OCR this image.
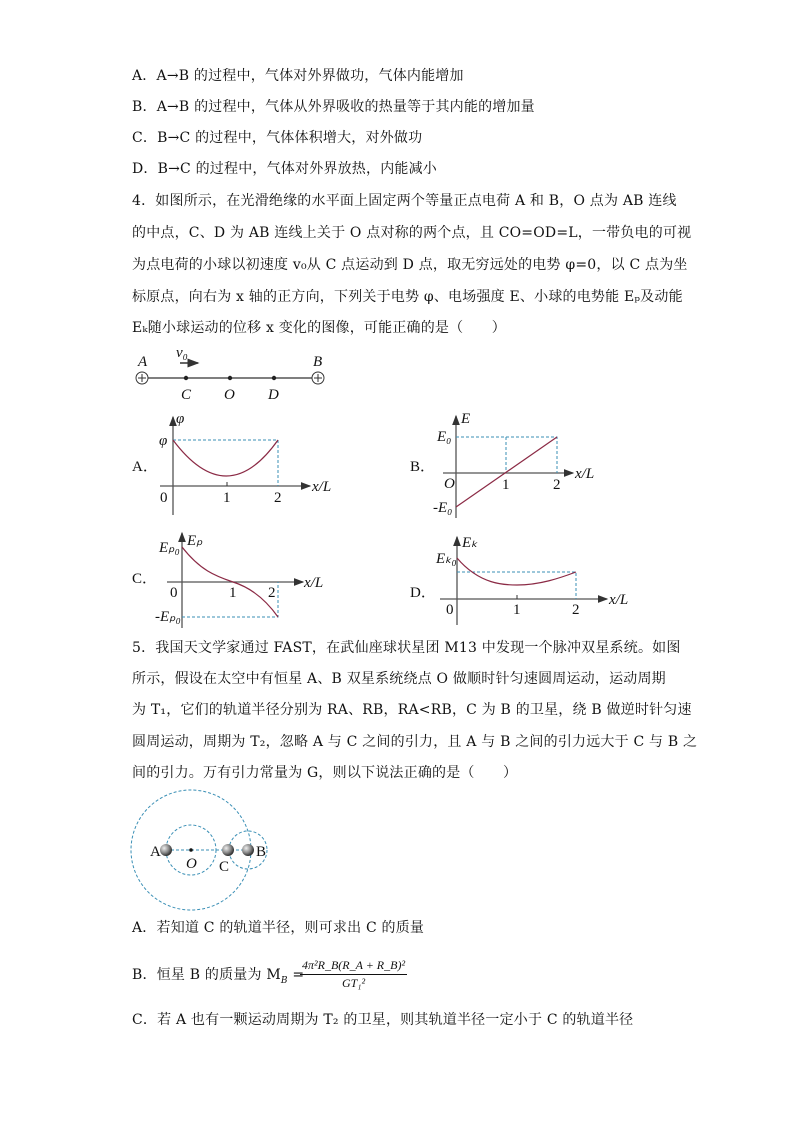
A．A→B 的过程中，气体对外界做功，气体内能增加
B．A→B 的过程中，气体从外界吸收的热量等于其内能的增加量
C．B→C 的过程中，气体体积增大，对外做功
D．B→C 的过程中，气体对外界放热，内能减小
4．如图所示，在光滑绝缘的水平面上固定两个等量正点电荷 A 和 B，O 点为 AB 连线
的中点，C、D 为 AB 连线上关于 O 点对称的两个点，且 CO=OD=L，一带负电的可视
为点电荷的小球以初速度 v₀从 C 点运动到 D 点，取无穷远处的电势 φ=0，以 C 点为坐
标原点，向右为 x 轴的正方向，下列关于电势 φ、电场强度 E、小球的电势能 Eₚ及动能
Eₖ随小球运动的位移 x 变化的图像，可能正确的是（　　）
A	B
v₀
C O D
A．
φ
φ
0	1	2
x/L
B．
E
E₀
-E₀
O	1	2
x/L
C．
Eₚ
Eₚ₀
-Eₚ₀
0	1 2
x/L
D．
Eₖ
Eₖ₀
0	1	2
x/L
A
O C
B
5．我国天文学家通过 FAST，在武仙座球状星团 M13 中发现一个脉冲双星系统。如图
所示，假设在太空中有恒星 A、B 双星系统绕点 O 做顺时针匀速圆周运动，运动周期
为 T₁，它们的轨道半径分别为 RA、RB，RA<RB，C 为 B 的卫星，绕 B 做逆时针匀速
圆周运动，周期为 T₂，忽略 A 与 C 之间的引力，且 A 与 B 之间的引力远大于 C 与 B 之
间的引力。万有引力常量为 G，则以下说法正确的是（　　）
A．若知道 C 的轨道半径，则可求出 C 的质量
B．恒星 B 的质量为 $M_B$ =
$\frac{\text{4π²R\_B(R\_A + R\_B)²}}{\text{GT₁²}}$
C．若 A 也有一颗运动周期为 T₂ 的卫星，则其轨道半径一定小于 C 的轨道半径
